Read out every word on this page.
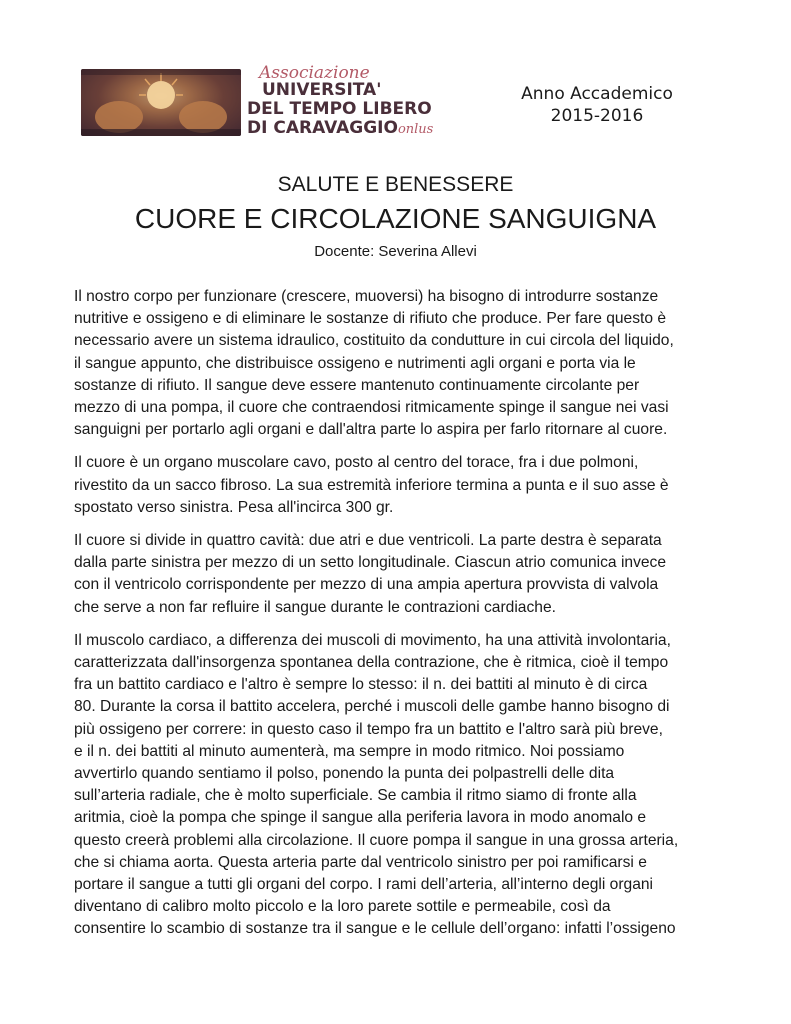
Associazione
UNIVERSITA'
DEL TEMPO LIBERO
DI CARAVAGGIOonlus
Anno Accademico
2015-2016
SALUTE E BENESSERE
CUORE E CIRCOLAZIONE SANGUIGNA
Docente: Severina Allevi

Il nostro corpo per funzionare (crescere, muoversi) ha bisogno di introdurre sostanze
nutritive e ossigeno e di eliminare le sostanze di rifiuto che produce. Per fare questo è
necessario avere un sistema idraulico, costituito da condutture in cui circola del liquido,
il sangue appunto, che distribuisce ossigeno e nutrimenti agli organi e porta via le
sostanze di rifiuto. Il sangue deve essere mantenuto continuamente circolante per
mezzo di una pompa, il cuore che contraendosi ritmicamente spinge il sangue nei vasi
sanguigni per portarlo agli organi e dall'altra parte lo aspira per farlo ritornare al cuore.

Il cuore è un organo muscolare cavo, posto al centro del torace, fra i due polmoni,
rivestito da un sacco fibroso. La sua estremità inferiore termina a punta e il suo asse è
spostato verso sinistra. Pesa all'incirca 300 gr.

Il cuore si divide in quattro cavità: due atri e due ventricoli. La parte destra è separata
dalla parte sinistra per mezzo di un setto longitudinale. Ciascun atrio comunica invece
con il ventricolo corrispondente per mezzo di una ampia apertura provvista di valvola
che serve a non far refluire il sangue durante le contrazioni cardiache.

Il muscolo cardiaco, a differenza dei muscoli di movimento, ha una attività involontaria,
caratterizzata dall'insorgenza spontanea della contrazione, che è ritmica, cioè il tempo
fra un battito cardiaco e l'altro è sempre lo stesso: il n. dei battiti al minuto è di circa
80. Durante la corsa il battito accelera, perché i muscoli delle gambe hanno bisogno di
più ossigeno per correre: in questo caso il tempo fra un battito e l'altro sarà più breve,
e il n. dei battiti al minuto aumenterà, ma sempre in modo ritmico. Noi possiamo
avvertirlo quando sentiamo il polso, ponendo la punta dei polpastrelli delle dita
sull’arteria radiale, che è molto superficiale. Se cambia il ritmo siamo di fronte alla
aritmia, cioè la pompa che spinge il sangue alla periferia lavora in modo anomalo e
questo creerà problemi alla circolazione. Il cuore pompa il sangue in una grossa arteria,
che si chiama aorta. Questa arteria parte dal ventricolo sinistro per poi ramificarsi e
portare il sangue a tutti gli organi del corpo. I rami dell’arteria, all’interno degli organi
diventano di calibro molto piccolo e la loro parete sottile e permeabile, così da
consentire lo scambio di sostanze tra il sangue e le cellule dell’organo: infatti l’ossigeno
